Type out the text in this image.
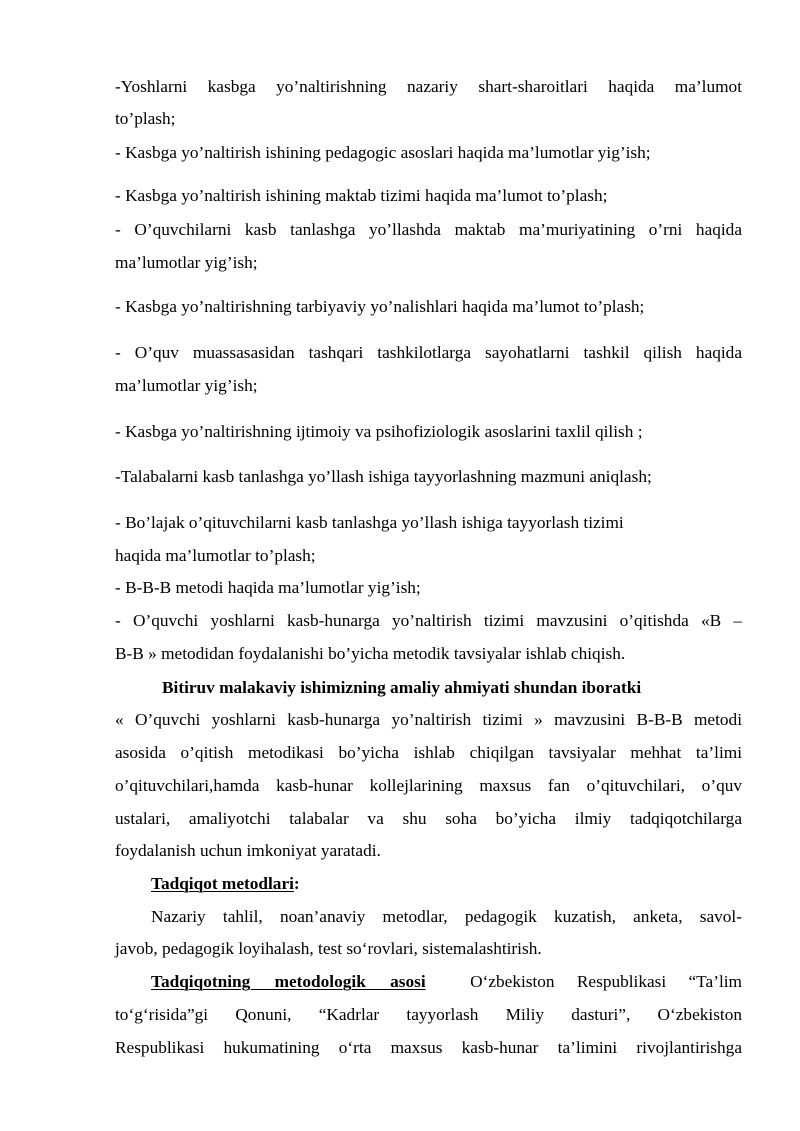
-Yoshlarni kasbga yo’naltirishning nazariy shart-sharoitlari haqida ma’lumot
to’plash;
- Kasbga yo’naltirish ishining pedagogic asoslari haqida ma’lumotlar yig’ish;
- Kasbga yo’naltirish ishining maktab tizimi haqida ma’lumot to’plash;
- O’quvchilarni kasb tanlashga yo’llashda maktab ma’muriyatining o’rni haqida
ma’lumotlar yig’ish;
- Kasbga yo’naltirishning tarbiyaviy yo’nalishlari haqida ma’lumot to’plash;
- O’quv muassasasidan tashqari tashkilotlarga sayohatlarni tashkil qilish haqida
ma’lumotlar yig’ish;
- Kasbga yo’naltirishning ijtimoiy va psihofiziologik asoslarini taxlil qilish ;
-Talabalarni kasb tanlashga yo’llash ishiga tayyorlashning mazmuni aniqlash;
- Bo’lajak o’qituvchilarni kasb tanlashga yo’llash ishiga tayyorlash tizimi
haqida ma’lumotlar to’plash;
- B-B-B metodi haqida ma’lumotlar yig’ish;
- O’quvchi yoshlarni kasb-hunarga yo’naltirish tizimi mavzusini o’qitishda «B –
B-B » metodidan foydalanishi bo’yicha metodik tavsiyalar ishlab chiqish.
Bitiruv malakaviy ishimizning amaliy ahmiyati shundan iboratki
« O’quvchi yoshlarni kasb-hunarga yo’naltirish tizimi » mavzusini B-B-B metodi
asosida o’qitish metodikasi bo’yicha ishlab chiqilgan tavsiyalar mehhat ta’limi
o’qituvchilari,hamda kasb-hunar kollejlarining maxsus fan o’qituvchilari, o’quv
ustalari, amaliyotchi talabalar va shu soha bo’yicha ilmiy tadqiqotchilarga
foydalanish uchun imkoniyat yaratadi.
Tadqiqot metodlari:
Nazariy tahlil, noan’anaviy metodlar, pedagogik kuzatish, anketa, savol-
javob, pedagogik loyihalash, test so‘rovlari, sistemalashtirish.
Tadqiqotning metodologik asosi	O‘zbekiston Respublikasi “Ta’lim
to‘g‘risida”gi Qonuni, “Kadrlar tayyorlash Miliy dasturi”, O‘zbekiston
Respublikasi hukumatining o‘rta maxsus kasb-hunar ta’limini rivojlantirishga
